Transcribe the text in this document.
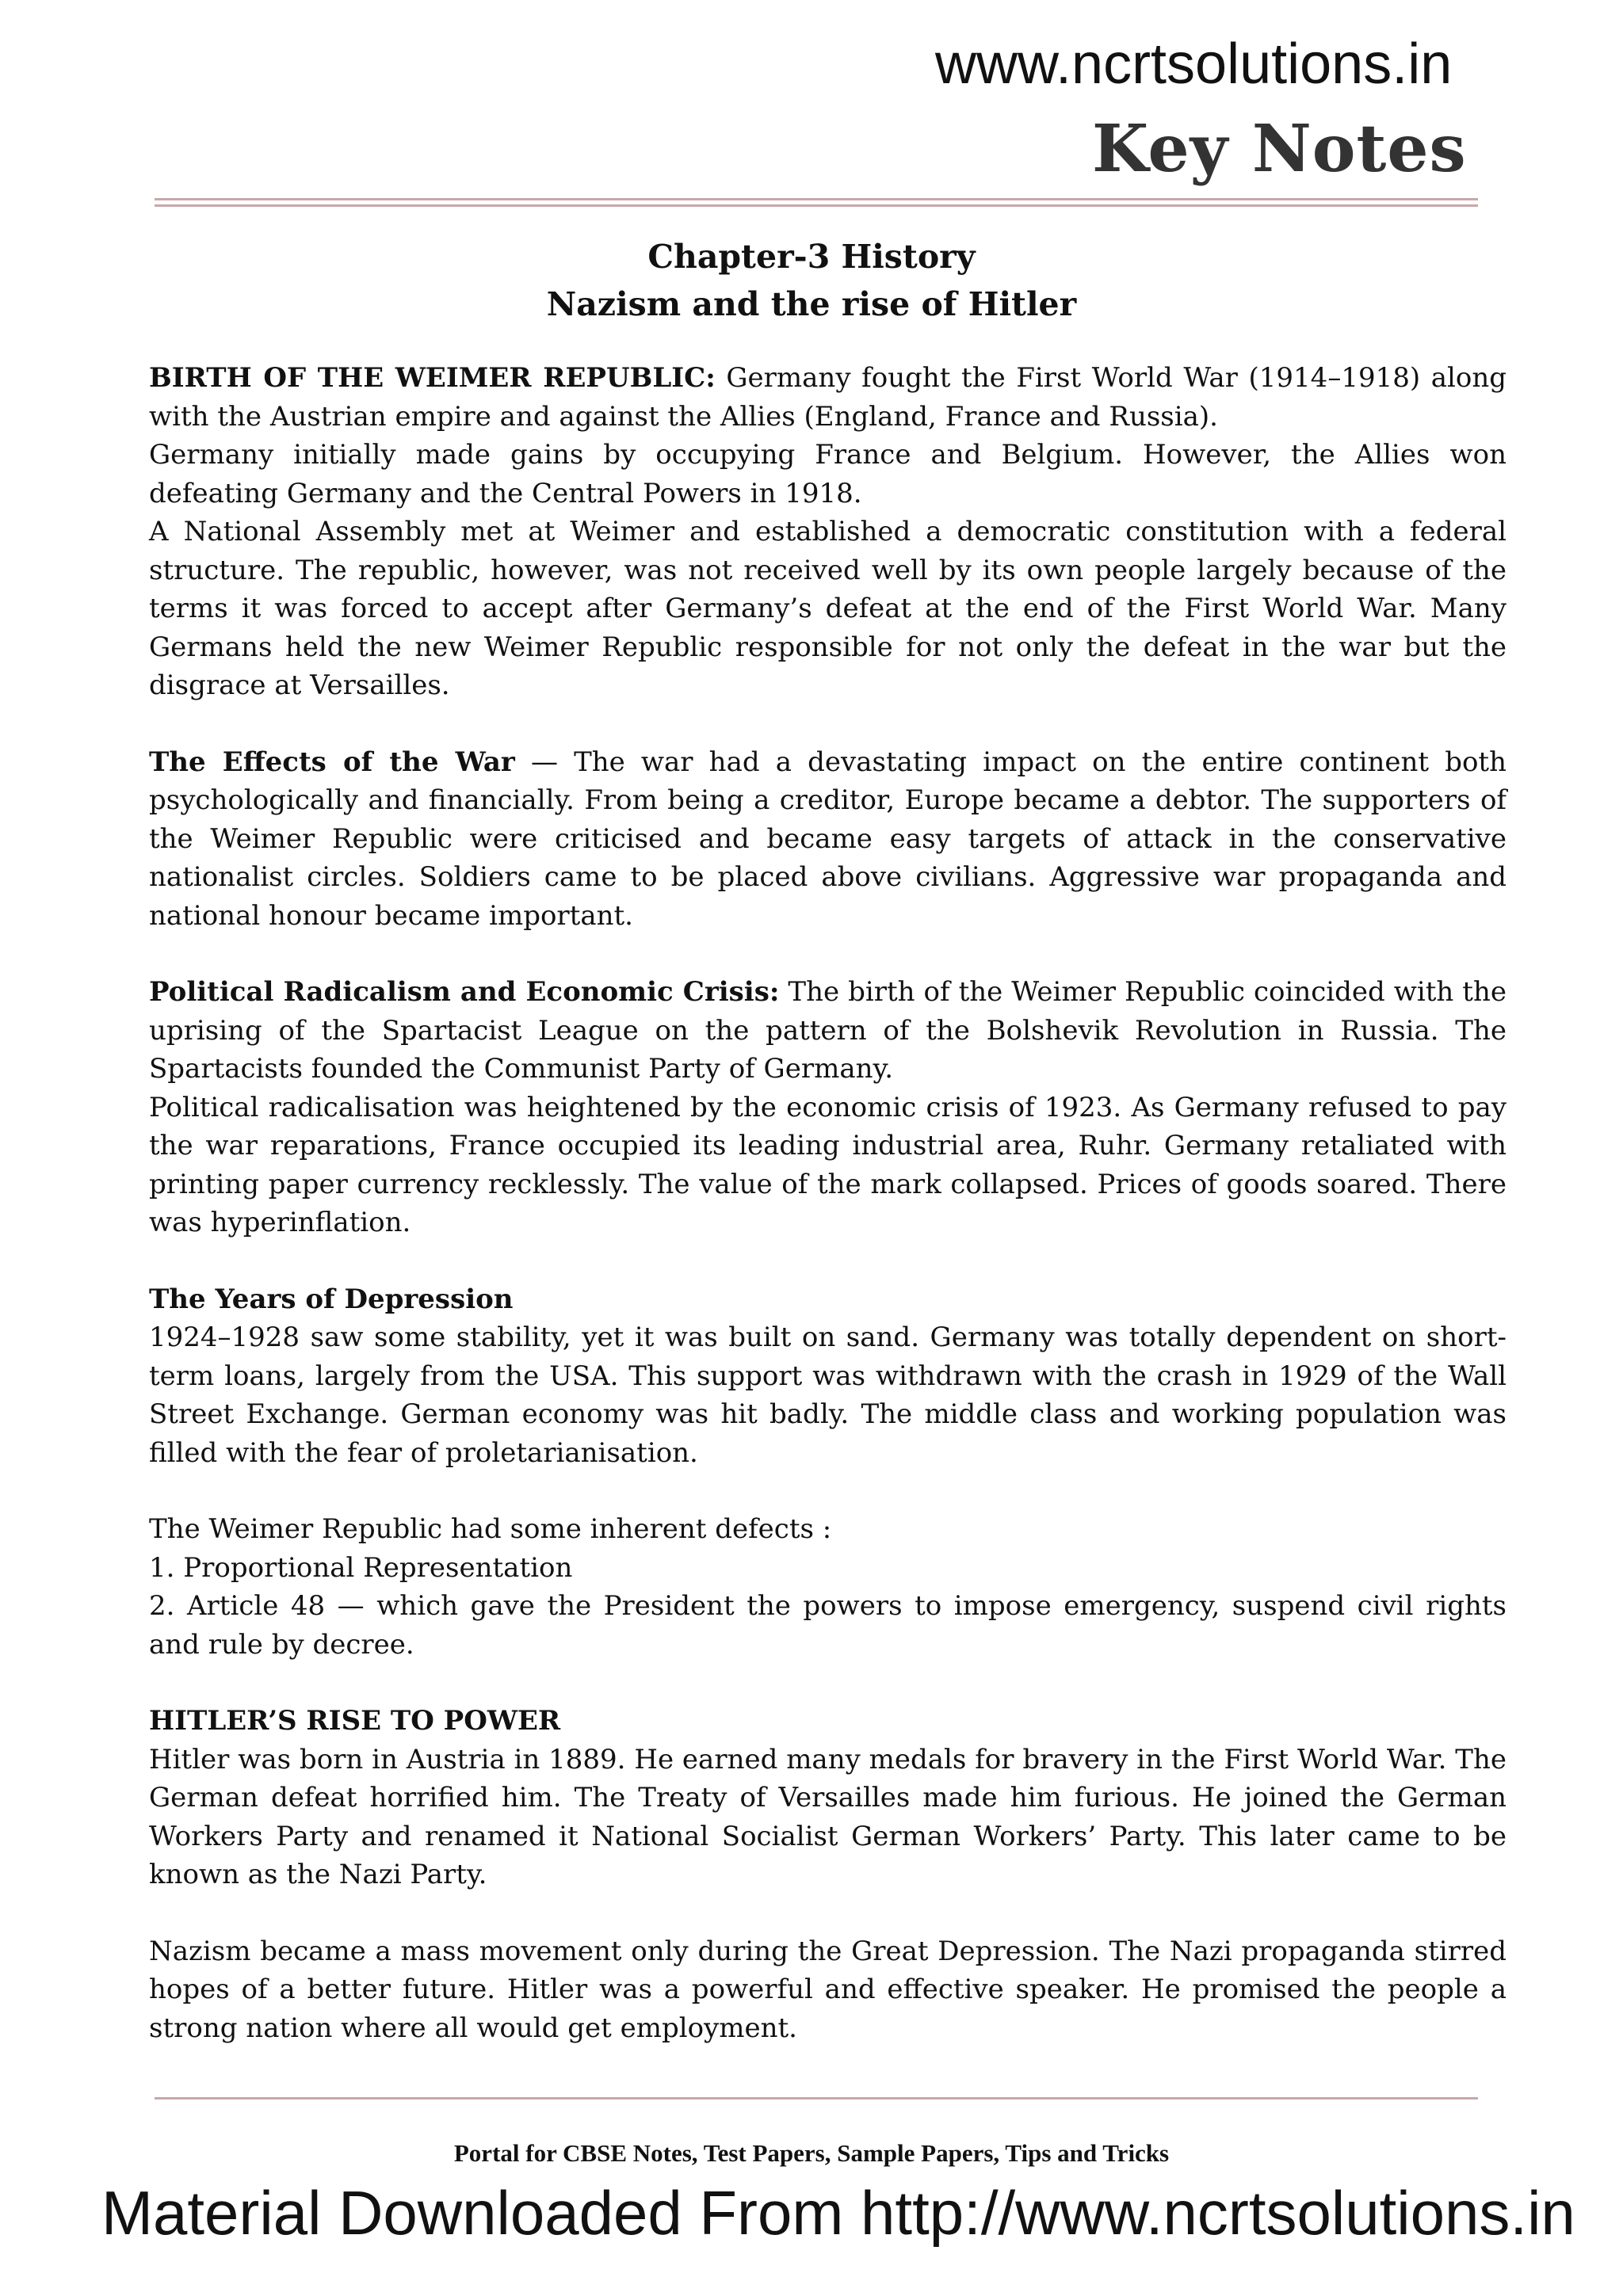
www.ncrtsolutions.in
Key Notes
Chapter-3 History
Nazism and the rise of Hitler

BIRTH OF THE WEIMER REPUBLIC: Germany fought the First World War (1914–1918) along with the Austrian empire and against the Allies (England, France and Russia).

Germany initially made gains by occupying France and Belgium. However, the Allies won defeating Germany and the Central Powers in 1918.

A National Assembly met at Weimer and established a democratic constitution with a federal structure. The republic, however, was not received well by its own people largely because of the terms it was forced to accept after Germany’s defeat at the end of the First World War. Many Germans held the new Weimer Republic responsible for not only the defeat in the war but the disgrace at Versailles.

The Effects of the War — The war had a devastating impact on the entire continent both psychologically and financially. From being a creditor, Europe became a debtor. The supporters of the Weimer Republic were criticised and became easy targets of attack in the conservative nationalist circles. Soldiers came to be placed above civilians. Aggressive war propaganda and national honour became important.

Political Radicalism and Economic Crisis: The birth of the Weimer Republic coincided with the uprising of the Spartacist League on the pattern of the Bolshevik Revolution in Russia. The Spartacists founded the Communist Party of Germany.

Political radicalisation was heightened by the economic crisis of 1923. As Germany refused to pay the war reparations, France occupied its leading industrial area, Ruhr. Germany retaliated with printing paper currency recklessly. The value of the mark collapsed. Prices of goods soared. There was hyperinflation.

The Years of Depression

1924–1928 saw some stability, yet it was built on sand. Germany was totally dependent on short- term loans, largely from the USA. This support was withdrawn with the crash in 1929 of the Wall Street Exchange. German economy was hit badly. The middle class and working population was filled with the fear of proletarianisation.

The Weimer Republic had some inherent defects :

1. Proportional Representation

2. Article 48 — which gave the President the powers to impose emergency, suspend civil rights and rule by decree.

HITLER’S RISE TO POWER

Hitler was born in Austria in 1889. He earned many medals for bravery in the First World War. The German defeat horrified him. The Treaty of Versailles made him furious. He joined the German Workers Party and renamed it National Socialist German Workers’ Party. This later came to be known as the Nazi Party.

Nazism became a mass movement only during the Great Depression. The Nazi propaganda stirred hopes of a better future. Hitler was a powerful and effective speaker. He promised the people a strong nation where all would get employment.

Portal for CBSE Notes, Test Papers, Sample Papers, Tips and Tricks
Material Downloaded From http://www.ncrtsolutions.in
